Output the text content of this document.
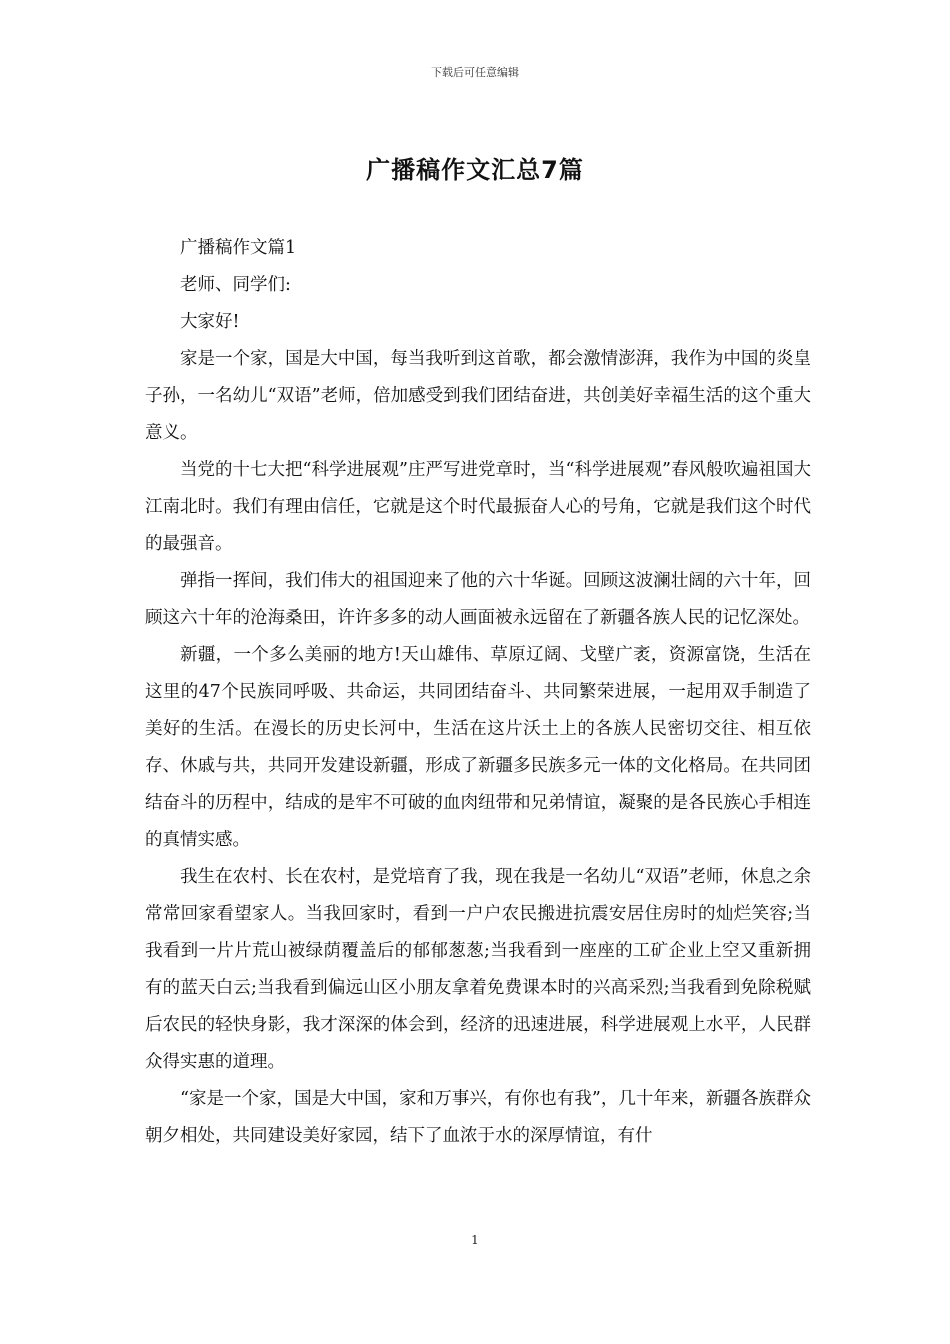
下载后可任意编辑
广播稿作文汇总7篇

广播稿作文篇1

老师、同学们:

大家好!

家是一个家，国是大中国，每当我听到这首歌，都会激情澎湃，我作为中国的炎皇子孙，一名幼儿“双语”老师，倍加感受到我们团结奋进，共创美好幸福生活的这个重大意义。

当党的十七大把“科学进展观”庄严写进党章时，当“科学进展观”春风般吹遍祖国大江南北时。我们有理由信任，它就是这个时代最振奋人心的号角，它就是我们这个时代的最强音。

弹指一挥间，我们伟大的祖国迎来了他的六十华诞。回顾这波澜壮阔的六十年，回顾这六十年的沧海桑田，许许多多的动人画面被永远留在了新疆各族人民的记忆深处。

新疆，一个多么美丽的地方!天山雄伟、草原辽阔、戈壁广袤，资源富饶，生活在这里的47个民族同呼吸、共命运，共同团结奋斗、共同繁荣进展，一起用双手制造了美好的生活。在漫长的历史长河中，生活在这片沃土上的各族人民密切交往、相互依存、休戚与共，共同开发建设新疆，形成了新疆多民族多元一体的文化格局。在共同团结奋斗的历程中，结成的是牢不可破的血肉纽带和兄弟情谊，凝聚的是各民族心手相连的真情实感。

我生在农村、长在农村，是党培育了我，现在我是一名幼儿“双语”老师，休息之余常常回家看望家人。当我回家时，看到一户户农民搬进抗震安居住房时的灿烂笑容;当我看到一片片荒山被绿荫覆盖后的郁郁葱葱;当我看到一座座的工矿企业上空又重新拥有的蓝天白云;当我看到偏远山区小朋友拿着免费课本时的兴高采烈;当我看到免除税赋后农民的轻快身影，我才深深的体会到，经济的迅速进展，科学进展观上水平，人民群众得实惠的道理。

“家是一个家，国是大中国，家和万事兴，有你也有我”，几十年来，新疆各族群众朝夕相处，共同建设美好家园，结下了血浓于水的深厚情谊，有什

1
